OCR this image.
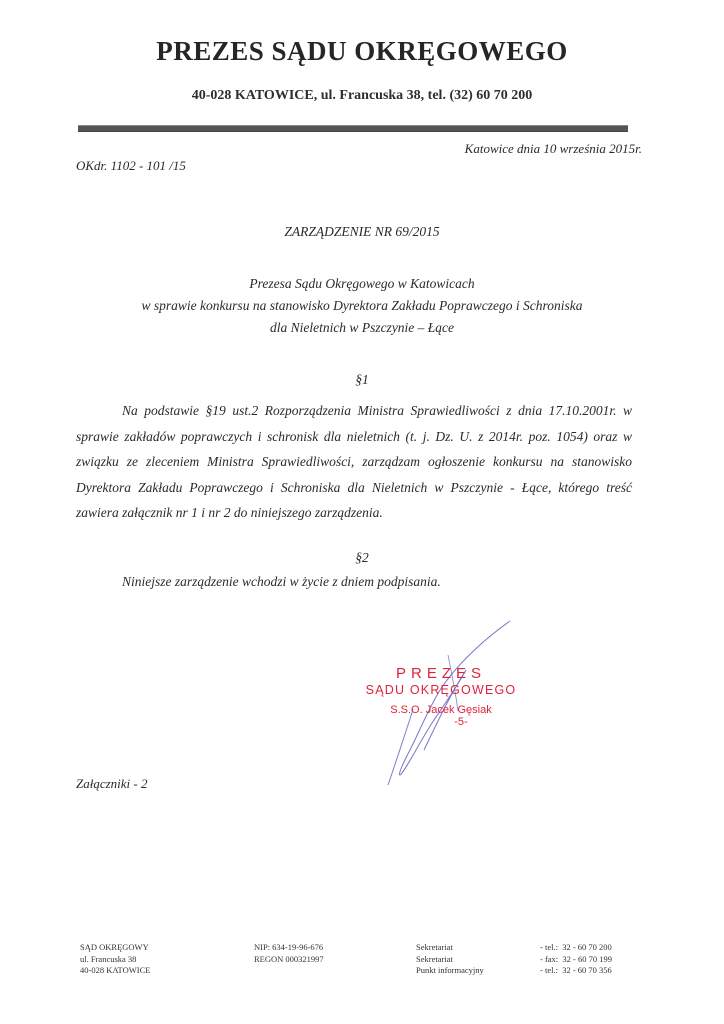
PREZES SĄDU OKRĘGOWEGO
40-028 KATOWICE, ul. Francuska 38, tel. (32) 60 70 200
Katowice dnia 10 września 2015r.
OKdr. 1102 - 101 /15
ZARZĄDZENIE NR 69/2015
Prezesa Sądu Okręgowego w Katowicach
w sprawie konkursu na stanowisko Dyrektora Zakładu Poprawczego i Schroniska
dla Nieletnich w Pszczynie – Łące
§1
Na podstawie §19 ust.2 Rozporządzenia Ministra Sprawiedliwości z dnia 17.10.2001r. w sprawie zakładów poprawczych i schronisk dla nieletnich (t. j. Dz. U. z 2014r. poz. 1054) oraz w związku ze zleceniem Ministra Sprawiedliwości, zarządzam ogłoszenie konkursu na stanowisko Dyrektora Zakładu Poprawczego i Schroniska dla Nieletnich w Pszczynie - Łące, którego treść zawiera załącznik nr 1 i nr 2 do niniejszego zarządzenia.
§2
Niniejsze zarządzenie wchodzi w życie z dniem podpisania.
PREZES
SĄDU OKRĘGOWEGO
S.S.O. Jacek Gęsiak
-5-
Załączniki - 2
SĄD OKRĘGOWY
ul. Francuska 38
40-028 KATOWICE
NIP: 634-19-96-676
REGON 000321997
Sekretariat
Sekretariat
Punkt informacyjny
- tel.:  32 - 60 70 200
- fax:  32 - 60 70 199
- tel.:  32 - 60 70 356
